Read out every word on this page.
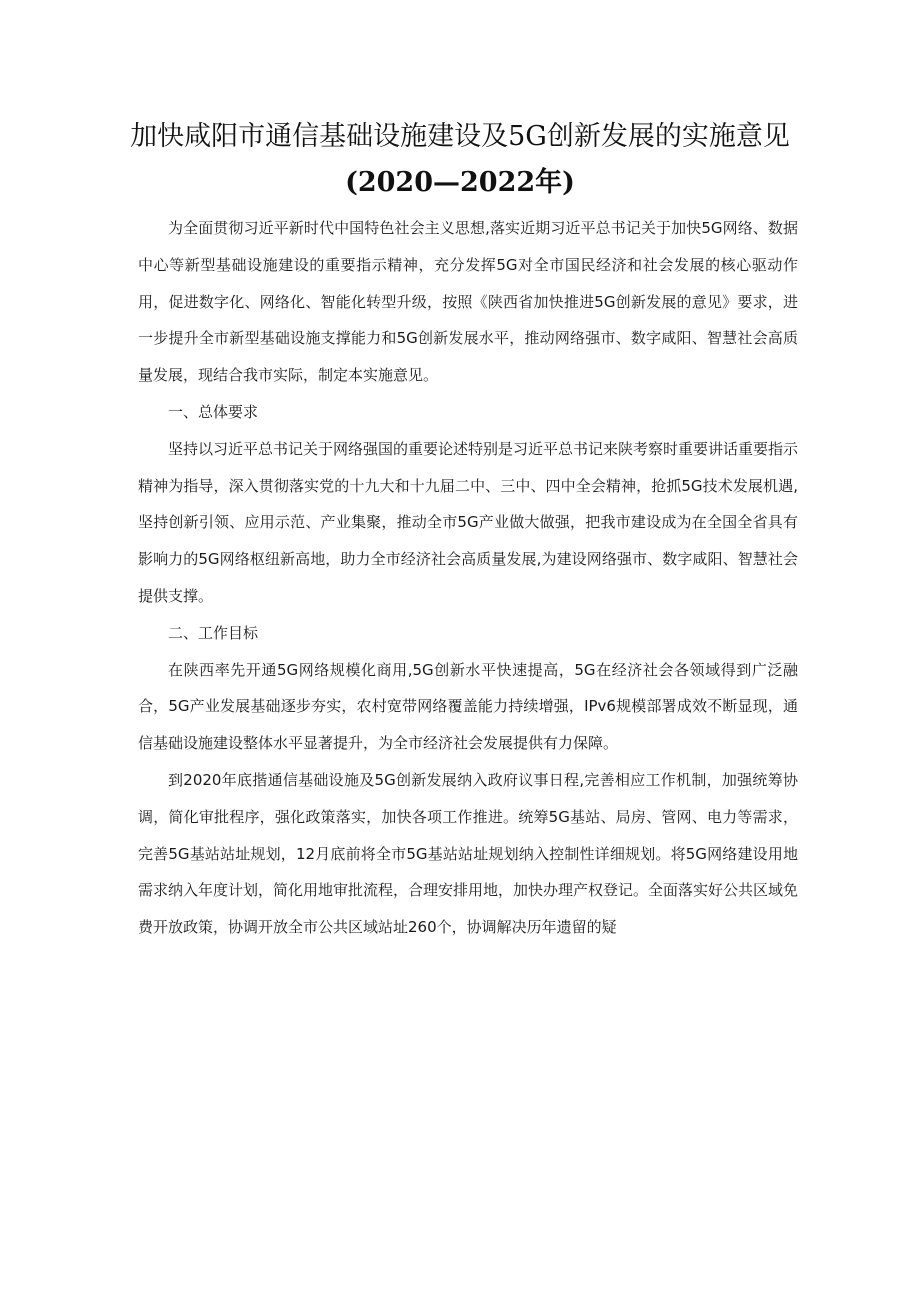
加快咸阳市通信基础设施建设及5G创新发展的实施意见
(2020—2022年)

为全面贯彻习近平新时代中国特色社会主义思想,落实近期习近平总书记关于加快5G网络、数据中心等新型基础设施建设的重要指示精神，充分发挥5G对全市国民经济和社会发展的核心驱动作用，促进数字化、网络化、智能化转型升级，按照《陕西省加快推进5G创新发展的意见》要求，进一步提升全市新型基础设施支撑能力和5G创新发展水平，推动网络强市、数字咸阳、智慧社会高质量发展，现结合我市实际，制定本实施意见。

一、总体要求

坚持以习近平总书记关于网络强国的重要论述特别是习近平总书记来陕考察时重要讲话重要指示精神为指导，深入贯彻落实党的十九大和十九届二中、三中、四中全会精神，抢抓5G技术发展机遇,坚持创新引领、应用示范、产业集聚，推动全市5G产业做大做强，把我市建设成为在全国全省具有影响力的5G网络枢纽新高地，助力全市经济社会高质量发展,为建设网络强市、数字咸阳、智慧社会提供支撑。

二、工作目标

在陕西率先开通5G网络规模化商用,5G创新水平快速提高，5G在经济社会各领域得到广泛融合，5G产业发展基础逐步夯实，农村宽带网络覆盖能力持续增强，IPv6规模部署成效不断显现，通信基础设施建设整体水平显著提升，为全市经济社会发展提供有力保障。

到2020年底揩通信基础设施及5G创新发展纳入政府议事日程,完善相应工作机制，加强统筹协调，简化审批程序，强化政策落实，加快各项工作推进。统筹5G基站、局房、管网、电力等需求，完善5G基站站址规划，12月底前将全市5G基站站址规划纳入控制性详细规划。将5G网络建设用地需求纳入年度计划，简化用地审批流程，合理安排用地，加快办理产权登记。全面落实好公共区域免费开放政策，协调开放全市公共区域站址260个，协调解决历年遗留的疑
